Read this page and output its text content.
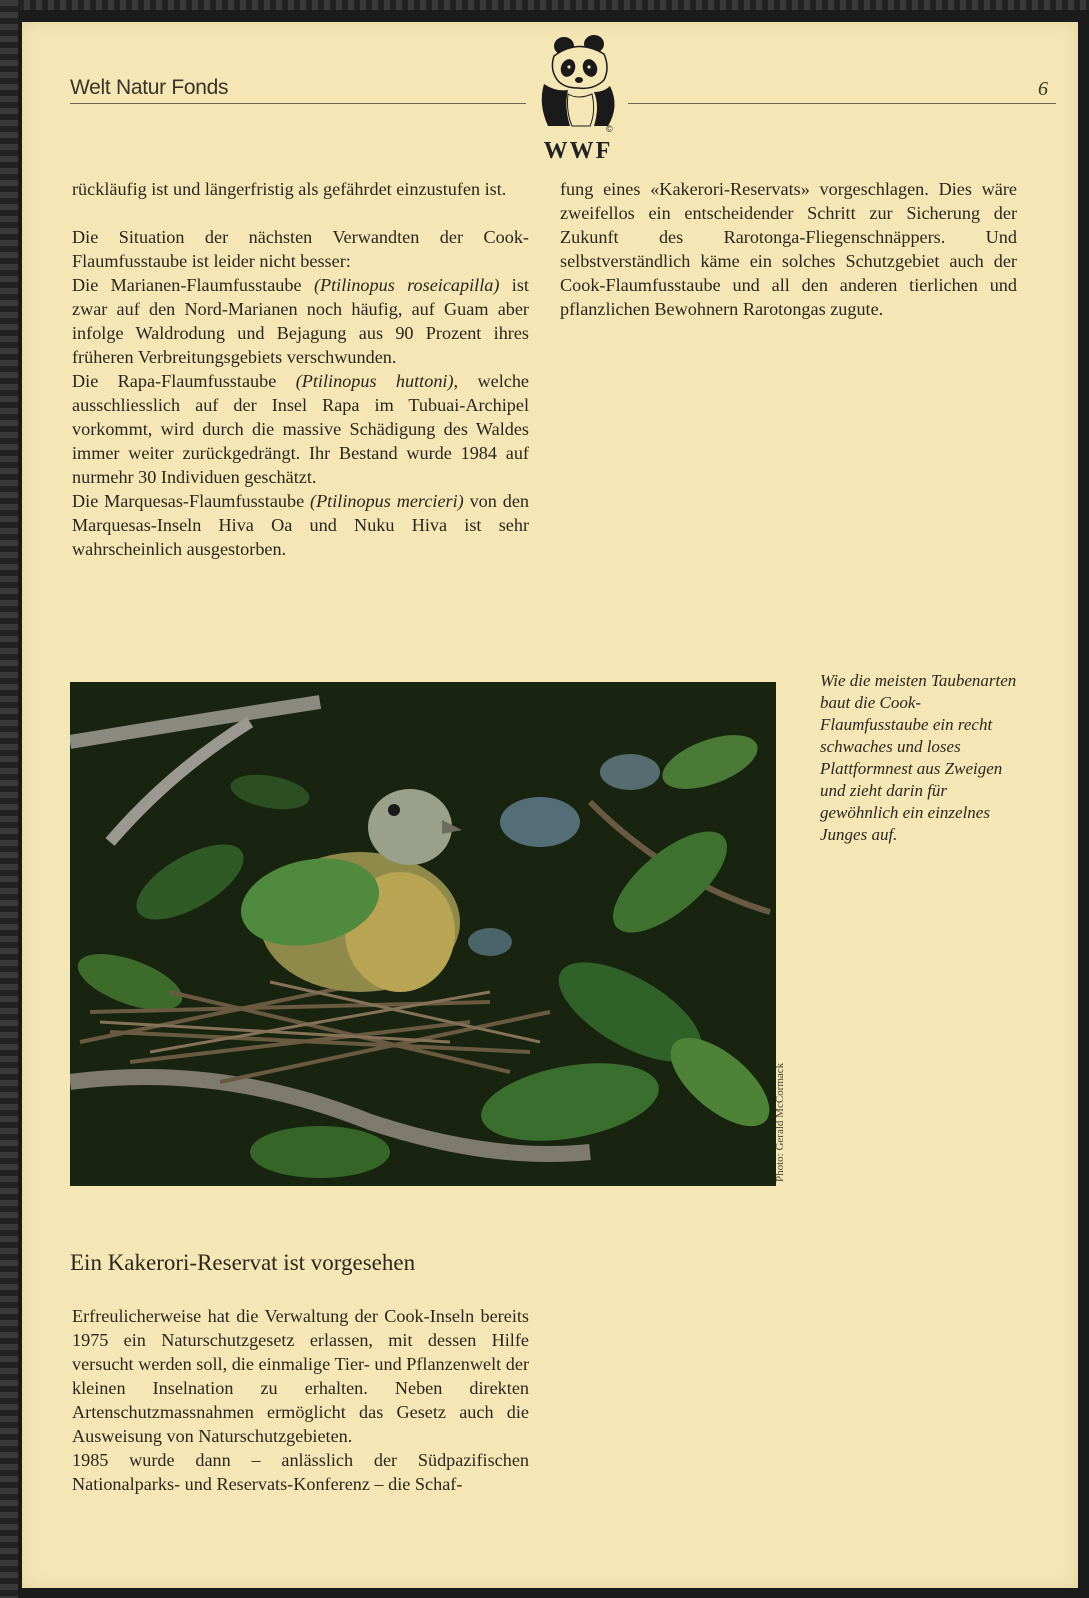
Welt Natur Fonds	6
©
WWF

rückläufig ist und längerfristig als gefährdet einzustufen ist.

Die Situation der nächsten Verwandten der Cook-Flaumfusstaube ist leider nicht besser:

Die Marianen-Flaumfusstaube (Ptilinopus roseicapilla) ist zwar auf den Nord-Marianen noch häufig, auf Guam aber infolge Waldrodung und Bejagung aus 90 Prozent ihres früheren Verbreitungsgebiets verschwunden.

Die Rapa-Flaumfusstaube (Ptilinopus huttoni), welche ausschliesslich auf der Insel Rapa im Tubuai-Archipel vorkommt, wird durch die massive Schädigung des Waldes immer weiter zurückgedrängt. Ihr Bestand wurde 1984 auf nurmehr 30 Individuen geschätzt.

Die Marquesas-Flaumfusstaube (Ptilinopus mercieri) von den Marquesas-Inseln Hiva Oa und Nuku Hiva ist sehr wahrscheinlich ausgestorben.

fung eines «Kakerori-Reservats» vorgeschlagen. Dies wäre zweifellos ein entscheidender Schritt zur Sicherung der Zukunft des Rarotonga-Fliegenschnäppers. Und selbstverständlich käme ein solches Schutzgebiet auch der Cook-Flaumfusstaube und all den anderen tierlichen und pflanzlichen Bewohnern Rarotongas zugute.

Photo: Gerald McCormack
Wie die meisten Taubenarten baut die Cook-Flaumfusstaube ein recht schwaches und loses Plattformnest aus Zweigen und zieht darin für gewöhnlich ein einzelnes Junges auf.
Ein Kakerori-Reservat ist vorgesehen

Erfreulicherweise hat die Verwaltung der Cook-Inseln bereits 1975 ein Naturschutzgesetz erlassen, mit dessen Hilfe versucht werden soll, die einmalige Tier- und Pflanzenwelt der kleinen Inselnation zu erhalten. Neben direkten Artenschutzmassnahmen ermöglicht das Gesetz auch die Ausweisung von Naturschutzgebieten.

1985 wurde dann – anlässlich der Südpazifischen Nationalparks- und Reservats-Konferenz – die Schaf-
